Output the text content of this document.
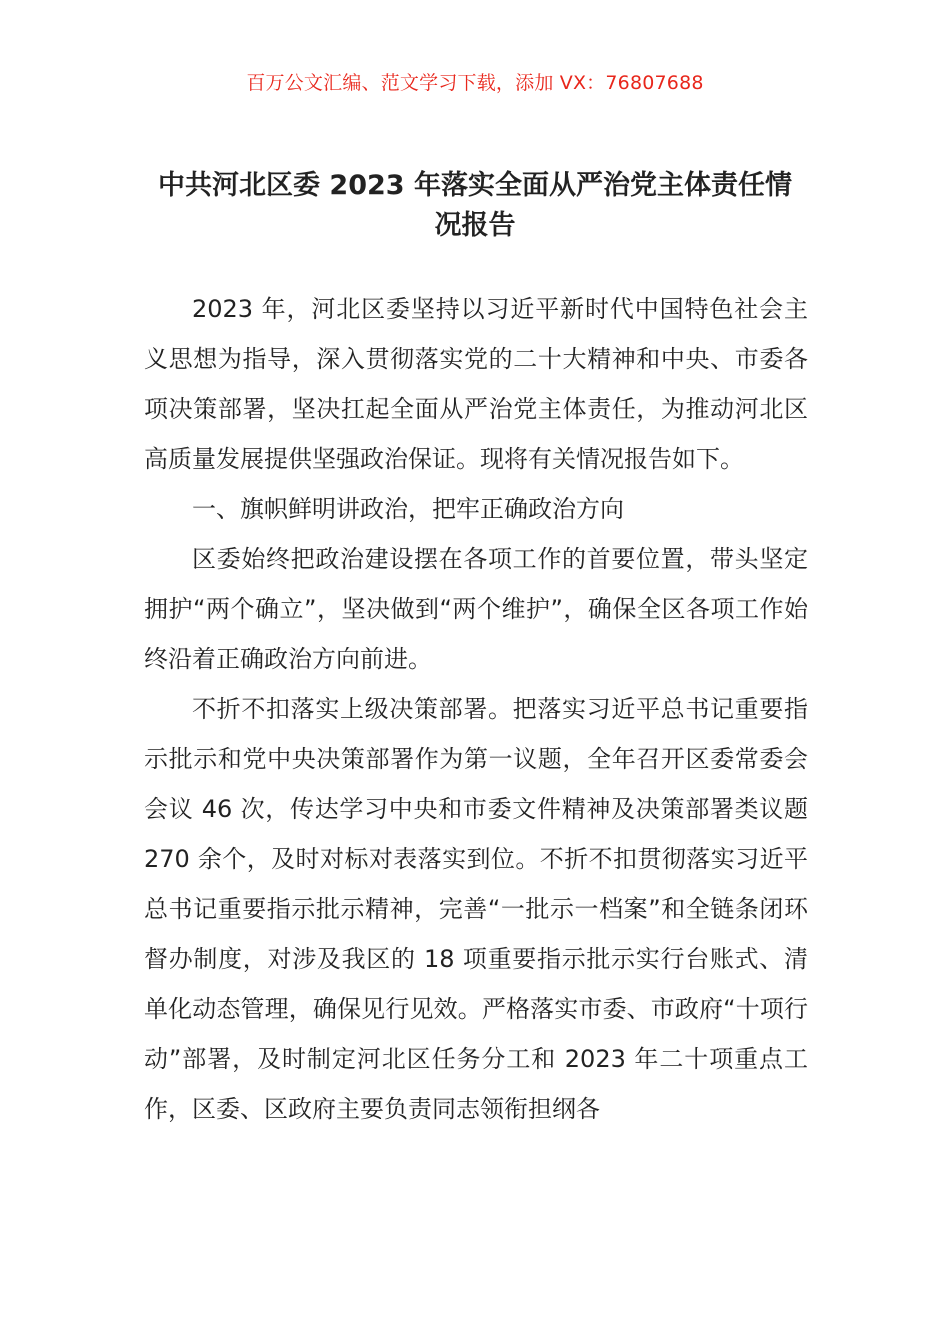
百万公文汇编、范文学习下载，添加 VX：76807688
中共河北区委 2023 年落实全面从严治党主体责任情
况报告

2023 年，河北区委坚持以习近平新时代中国特色社会主义思想为指导，深入贯彻落实党的二十大精神和中央、市委各项决策部署，坚决扛起全面从严治党主体责任，为推动河北区高质量发展提供坚强政治保证。现将有关情况报告如下。

一、旗帜鲜明讲政治，把牢正确政治方向

区委始终把政治建设摆在各项工作的首要位置，带头坚定拥护“两个确立”，坚决做到“两个维护”，确保全区各项工作始终沿着正确政治方向前进。

不折不扣落实上级决策部署。把落实习近平总书记重要指示批示和党中央决策部署作为第一议题，全年召开区委常委会会议 46 次，传达学习中央和市委文件精神及决策部署类议题 270 余个，及时对标对表落实到位。不折不扣贯彻落实习近平总书记重要指示批示精神，完善“一批示一档案”和全链条闭环督办制度，对涉及我区的 18 项重要指示批示实行台账式、清单化动态管理，确保见行见效。严格落实市委、市政府“十项行动”部署，及时制定河北区任务分工和 2023 年二十项重点工作，区委、区政府主要负责同志领衔担纲各
